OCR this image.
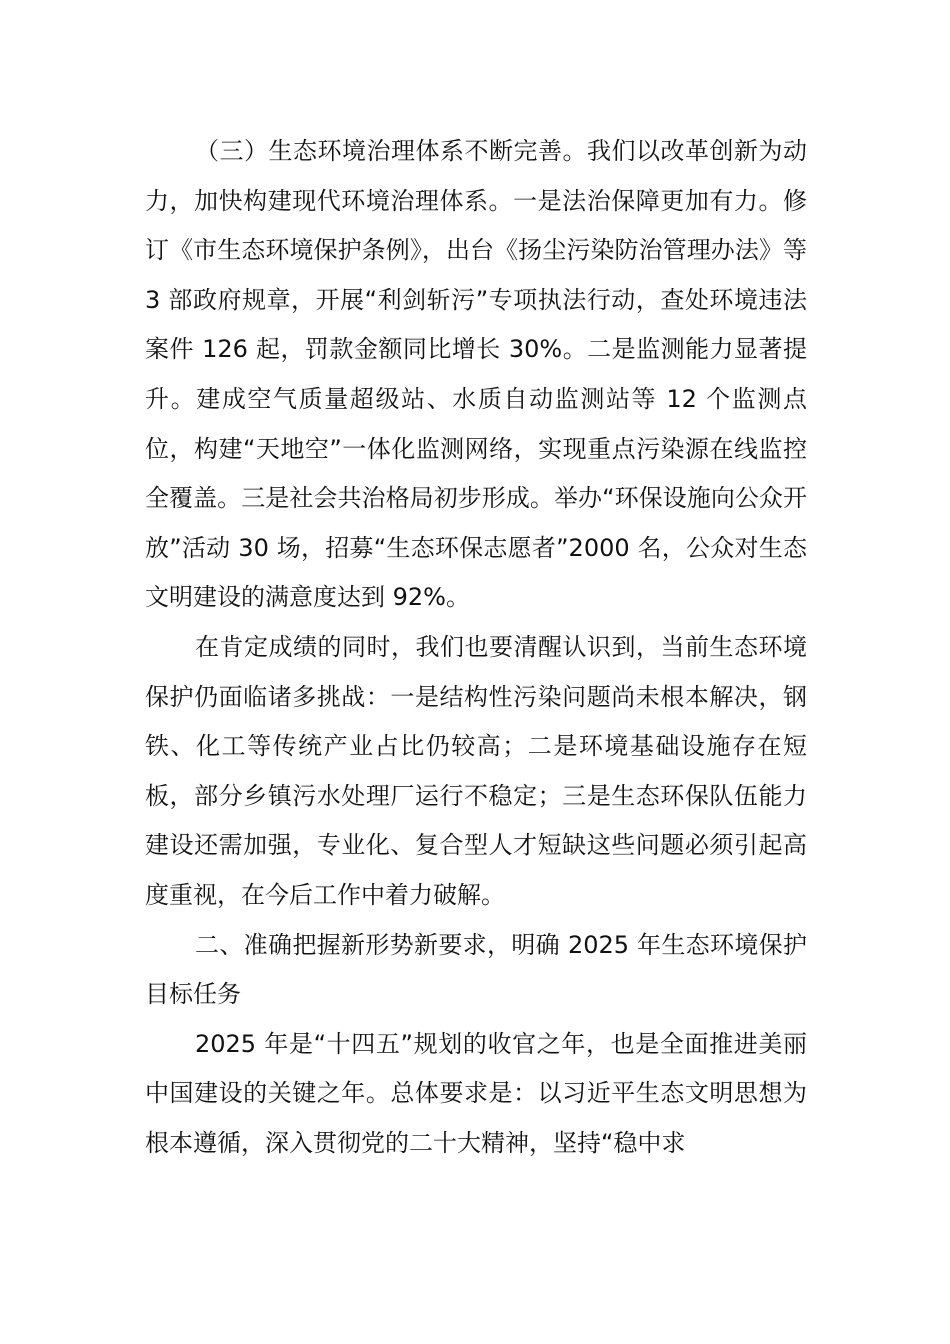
（三）生态环境治理体系不断完善。我们以改革创新为动力，加快构建现代环境治理体系。一是法治保障更加有力。修订《市生态环境保护条例》，出台《扬尘污染防治管理办法》等 3 部政府规章，开展“利剑斩污”专项执法行动，查处环境违法案件 126 起，罚款金额同比增长 30%。二是监测能力显著提升。建成空气质量超级站、水质自动监测站等 12 个监测点位，构建“天地空”一体化监测网络，实现重点污染源在线监控全覆盖。三是社会共治格局初步形成。举办“环保设施向公众开放”活动 30 场，招募“生态环保志愿者”2000 名，公众对生态文明建设的满意度达到 92%。

在肯定成绩的同时，我们也要清醒认识到，当前生态环境保护仍面临诸多挑战：一是结构性污染问题尚未根本解决，钢铁、化工等传统产业占比仍较高；二是环境基础设施存在短板，部分乡镇污水处理厂运行不稳定；三是生态环保队伍能力建设还需加强，专业化、复合型人才短缺这些问题必须引起高度重视，在今后工作中着力破解。

二、准确把握新形势新要求，明确 2025 年生态环境保护目标任务

2025 年是“十四五”规划的收官之年，也是全面推进美丽中国建设的关键之年。总体要求是：以习近平生态文明思想为根本遵循，深入贯彻党的二十大精神，坚持“稳中求
